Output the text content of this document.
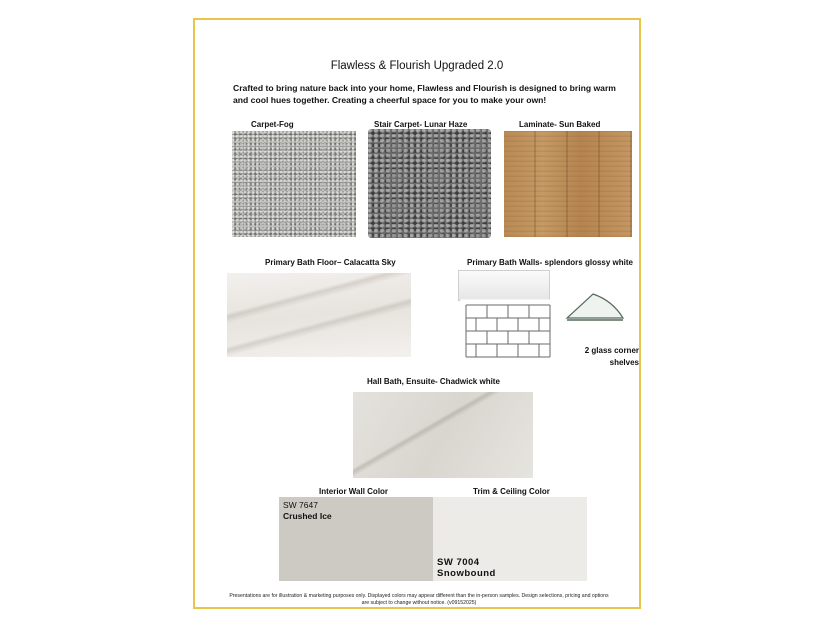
Flawless & Flourish Upgraded 2.0
Crafted to bring nature back into your home, Flawless and Flourish is designed to bring warm and cool hues together. Creating a cheerful space for you to make your own!
Carpet-Fog	Stair Carpet- Lunar Haze	Laminate- Sun Baked
Primary Bath Floor– Calacatta Sky	Primary Bath Walls- splendors glossy white
2 glass corner
shelves
Hall Bath, Ensuite- Chadwick white
Interior Wall Color	Trim & Ceiling Color
SW 7647
Crushed Ice
SW 7004
Snowbound
Presentations are for illustration & marketing purposes only. Displayed colors may appear different than the in-person samples. Design selections, pricing and options are subject to change without notice. (v09152025)
